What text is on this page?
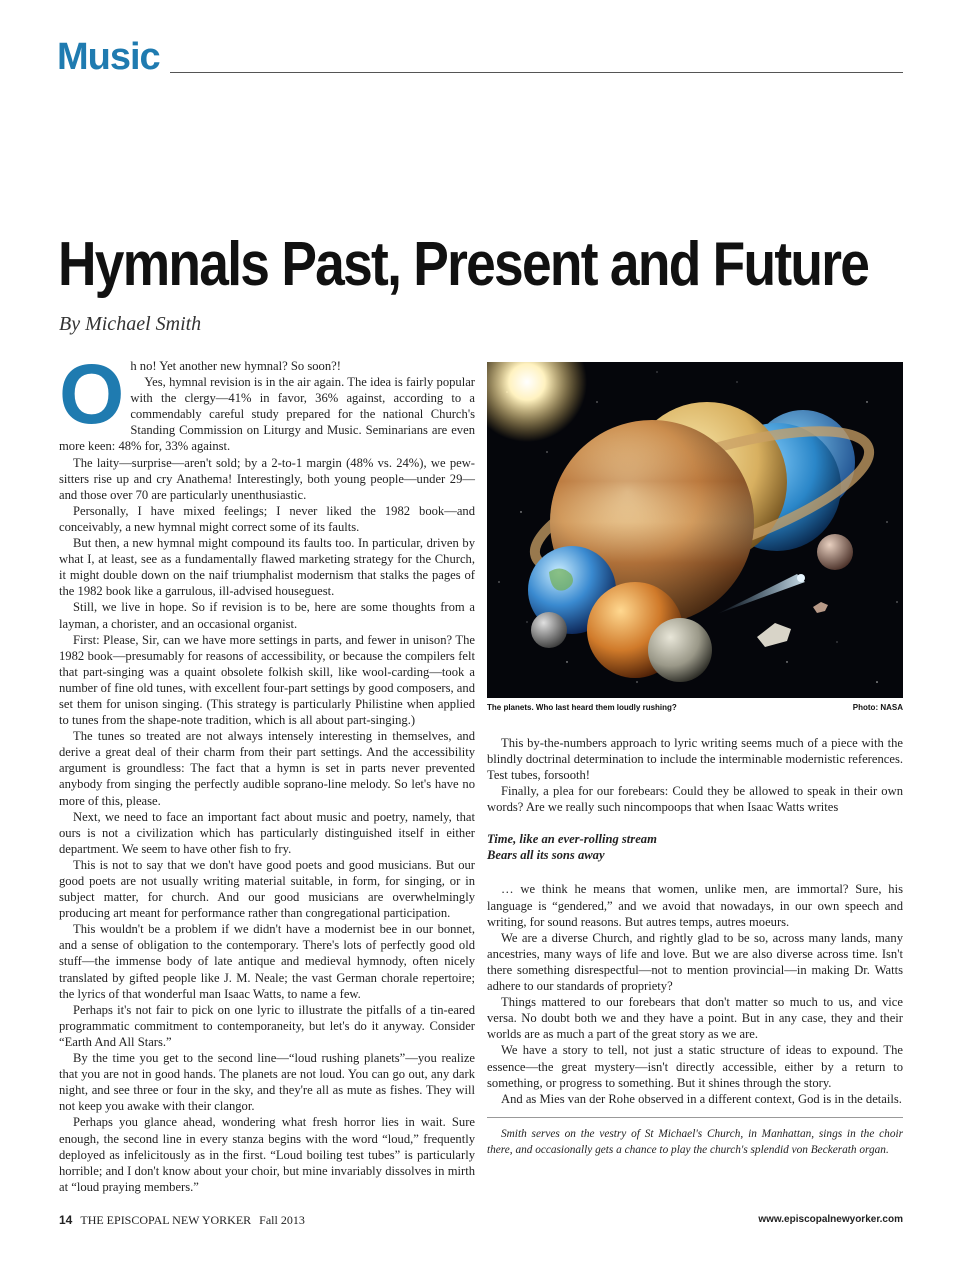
Music
Hymnals Past, Present and Future
By Michael Smith

Oh no! Yet another new hymnal? So soon?!

Yes, hymnal revision is in the air again. The idea is fairly popular with the clergy—41% in favor, 36% against, according to a commendably careful study prepared for the national Church's Standing Commission on Liturgy and Music. Seminarians are even more keen: 48% for, 33% against.

The laity—surprise—aren't sold; by a 2-to-1 margin (48% vs. 24%), we pew-sitters rise up and cry Anathema! Interestingly, both young people—under 29—and those over 70 are particularly unenthusiastic.

Personally, I have mixed feelings; I never liked the 1982 book—and conceivably, a new hymnal might correct some of its faults.

But then, a new hymnal might compound its faults too. In particular, driven by what I, at least, see as a fundamentally flawed marketing strategy for the Church, it might double down on the naif triumphalist modernism that stalks the pages of the 1982 book like a garrulous, ill-advised houseguest.

Still, we live in hope. So if revision is to be, here are some thoughts from a layman, a chorister, and an occasional organist.

First: Please, Sir, can we have more settings in parts, and fewer in unison? The 1982 book—presumably for reasons of accessibility, or because the compilers felt that part-singing was a quaint obsolete folkish skill, like wool-carding—took a number of fine old tunes, with excellent four-part settings by good composers, and set them for unison singing. (This strategy is particularly Philistine when applied to tunes from the shape-note tradition, which is all about part-singing.)

The tunes so treated are not always intensely interesting in themselves, and derive a great deal of their charm from their part settings. And the accessibility argument is groundless: The fact that a hymn is set in parts never prevented anybody from singing the perfectly audible soprano-line melody. So let's have no more of this, please.

Next, we need to face an important fact about music and poetry, namely, that ours is not a civilization which has particularly distinguished itself in either department. We seem to have other fish to fry.

This is not to say that we don't have good poets and good musicians. But our good poets are not usually writing material suitable, in form, for singing, or in subject matter, for church. And our good musicians are overwhelmingly producing art meant for performance rather than congregational participation.

This wouldn't be a problem if we didn't have a modernist bee in our bonnet, and a sense of obligation to the contemporary. There's lots of perfectly good old stuff—the immense body of late antique and medieval hymnody, often nicely translated by gifted people like J. M. Neale; the vast German chorale repertoire; the lyrics of that wonderful man Isaac Watts, to name a few.

Perhaps it's not fair to pick on one lyric to illustrate the pitfalls of a tin-eared programmatic commitment to contemporaneity, but let's do it anyway. Consider “Earth And All Stars.”

By the time you get to the second line—“loud rushing planets”—you realize that you are not in good hands. The planets are not loud. You can go out, any dark night, and see three or four in the sky, and they're all as mute as fishes. They will not keep you awake with their clangor.

Perhaps you glance ahead, wondering what fresh horror lies in wait. Sure enough, the second line in every stanza begins with the word “loud,” frequently deployed as infelicitously as in the first. “Loud boiling test tubes” is particularly horrible; and I don't know about your choir, but mine invariably dissolves in mirth at “loud praying members.”

The planets. Who last heard them loudly rushing?	Photo: NASA

This by-the-numbers approach to lyric writing seems much of a piece with the blindly doctrinal determination to include the interminable modernistic references. Test tubes, forsooth!

Finally, a plea for our forebears: Could they be allowed to speak in their own words? Are we really such nincompoops that when Isaac Watts writes

Time, like an ever-rolling stream
Bears all its sons away

… we think he means that women, unlike men, are immortal? Sure, his language is “gendered,” and we avoid that nowadays, in our own speech and writing, for sound reasons. But autres temps, autres moeurs.

We are a diverse Church, and rightly glad to be so, across many lands, many ancestries, many ways of life and love. But we are also diverse across time. Isn't there something disrespectful—not to mention provincial—in making Dr. Watts adhere to our standards of propriety?

Things mattered to our forebears that don't matter so much to us, and vice versa. No doubt both we and they have a point. But in any case, they and their worlds are as much a part of the great story as we are.

We have a story to tell, not just a static structure of ideas to expound. The essence—the great mystery—isn't directly accessible, either by a return to something, or progress to something. But it shines through the story.

And as Mies van der Rohe observed in a different context, God is in the details.

Smith serves on the vestry of St Michael's Church, in Manhattan, sings in the choir there, and occasionally gets a chance to play the church's splendid von Beckerath organ.

14 THE EPISCOPAL NEW YORKER Fall 2013	www.episcopalnewyorker.com
